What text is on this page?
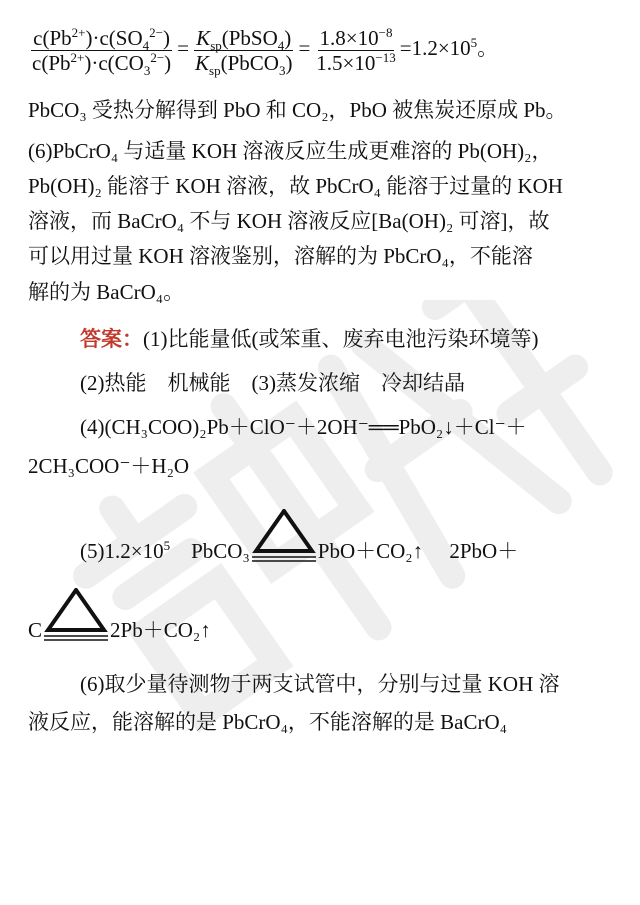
$\frac{c(Pb^{2+})\cdot c(SO_4^{2-})}{c(Pb^{2+})\cdot c(CO_3^{2-})} = \frac{K_{sp}(PbSO_4)}{K_{sp}(PbCO_3)} = \frac{1.8\times 10^{-8}}{1.5\times 10^{-13}} =1.2\times 10^5$。
PbCO₃ 受热分解得到 PbO 和 CO₂，PbO 被焦炭还原成 Pb。
(6)PbCrO₄ 与适量 KOH 溶液反应生成更难溶的 Pb(OH)₂，
Pb(OH)₂ 能溶于 KOH 溶液，故 PbCrO₄ 能溶于过量的 KOH
溶液，而 BaCrO₄ 不与 KOH 溶液反应[Ba(OH)₂ 可溶]，故
可以用过量 KOH 溶液鉴别，溶解的为 PbCrO₄，不能溶
解的为 BaCrO₄。
答案：(1)比能量低(或笨重、废弃电池污染环境等)
(2)热能　机械能　(3)蒸发浓缩　冷却结晶
(4)(CH₃COO)₂Pb＋ClO⁻＋2OH⁻══PbO₂↓＋Cl⁻＋
2CH₃COO⁻＋H₂O
$(5)1.2\times 10^5$　PbCO₃	PbO＋CO₂↑　 2PbO＋
C	2Pb＋CO₂↑
(6)取少量待测物于两支试管中，分别与过量 KOH 溶
液反应，能溶解的是 PbCrO₄，不能溶解的是 BaCrO₄
